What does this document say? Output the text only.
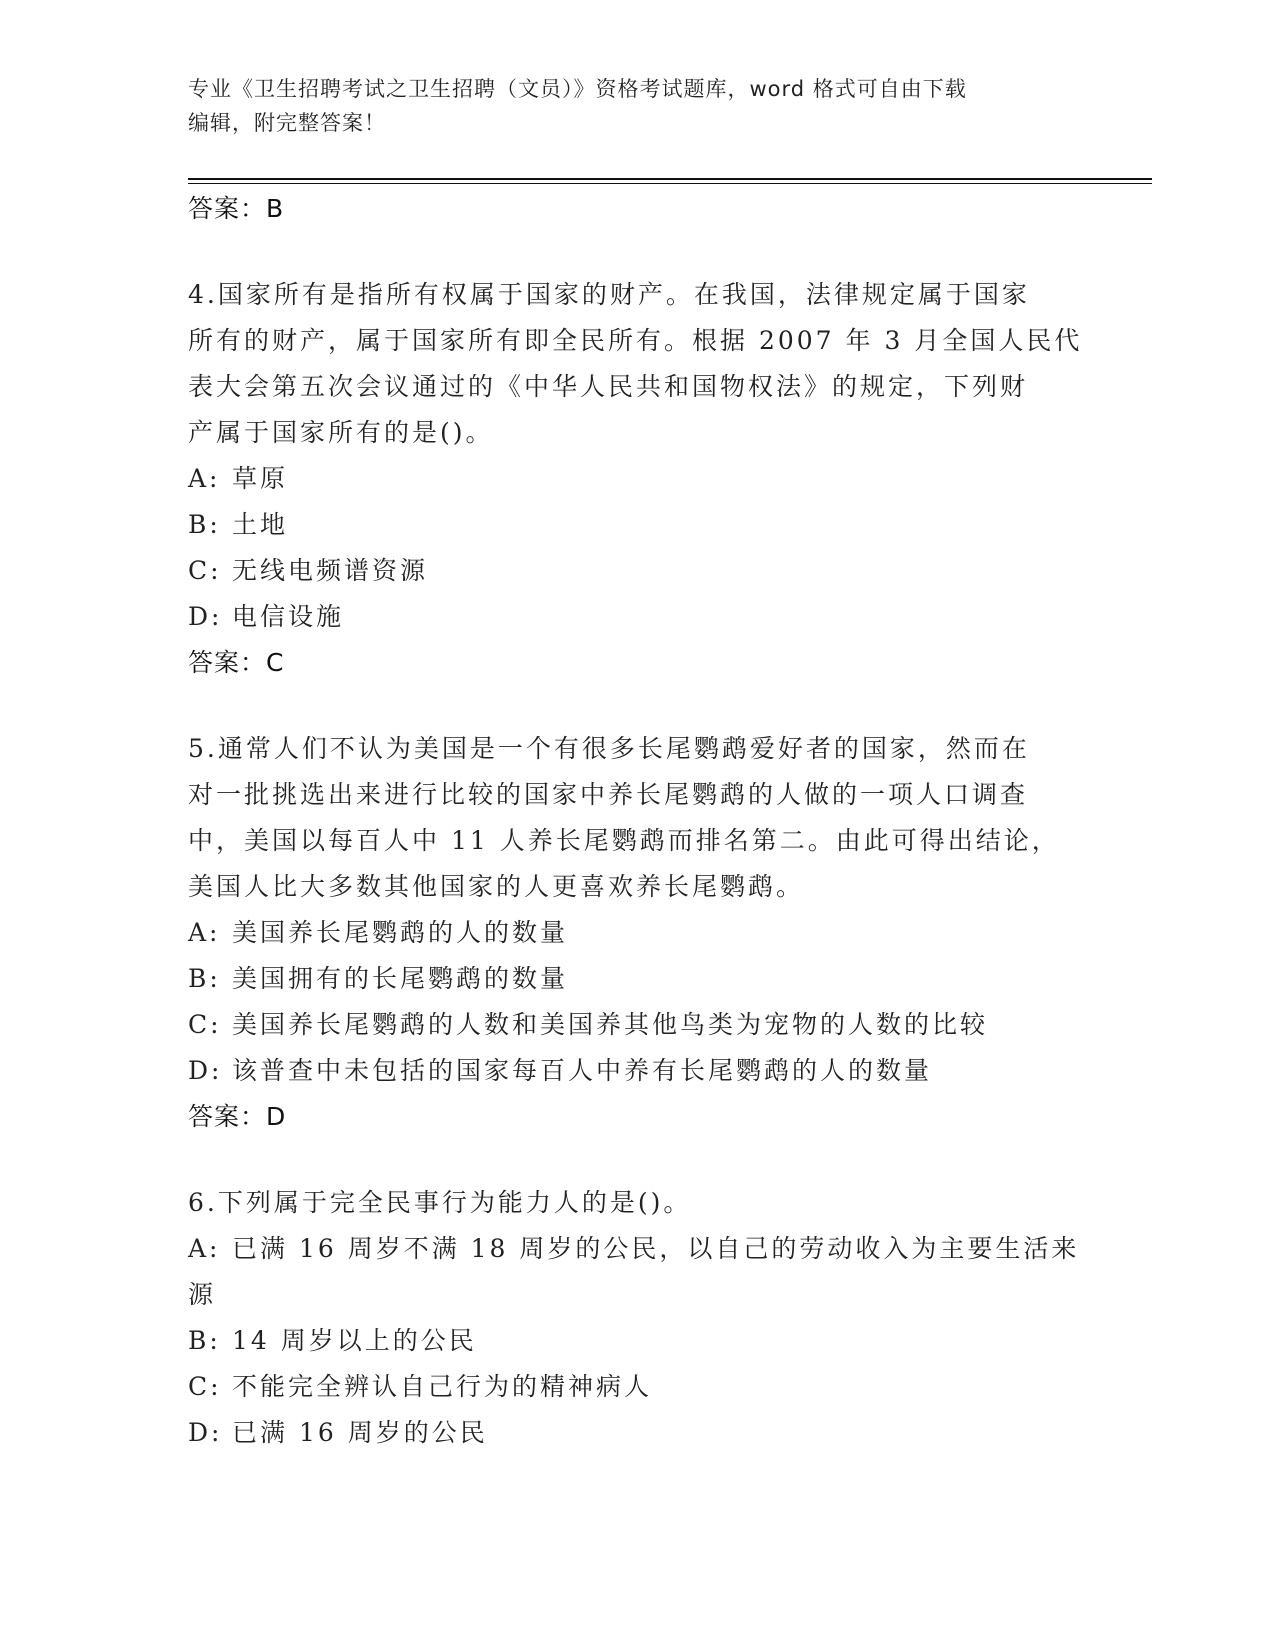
专业《卫生招聘考试之卫生招聘（文员）》资格考试题库，word 格式可自由下载
编辑，附完整答案！
答案：B
4.国家所有是指所有权属于国家的财产。在我国，法律规定属于国家
所有的财产，属于国家所有即全民所有。根据 2007 年 3 月全国人民代
表大会第五次会议通过的《中华人民共和国物权法》的规定，下列财
产属于国家所有的是()。
A: 草原
B: 土地
C: 无线电频谱资源
D: 电信设施
答案：C
5.通常人们不认为美国是一个有很多长尾鹦鹉爱好者的国家，然而在
对一批挑选出来进行比较的国家中养长尾鹦鹉的人做的一项人口调查
中，美国以每百人中 11 人养长尾鹦鹉而排名第二。由此可得出结论，
美国人比大多数其他国家的人更喜欢养长尾鹦鹉。
A: 美国养长尾鹦鹉的人的数量
B: 美国拥有的长尾鹦鹉的数量
C: 美国养长尾鹦鹉的人数和美国养其他鸟类为宠物的人数的比较
D: 该普查中未包括的国家每百人中养有长尾鹦鹉的人的数量
答案：D
6.下列属于完全民事行为能力人的是()。
A: 已满 16 周岁不满 18 周岁的公民，以自己的劳动收入为主要生活来源
B: 14 周岁以上的公民
C: 不能完全辨认自己行为的精神病人
D: 已满 16 周岁的公民
